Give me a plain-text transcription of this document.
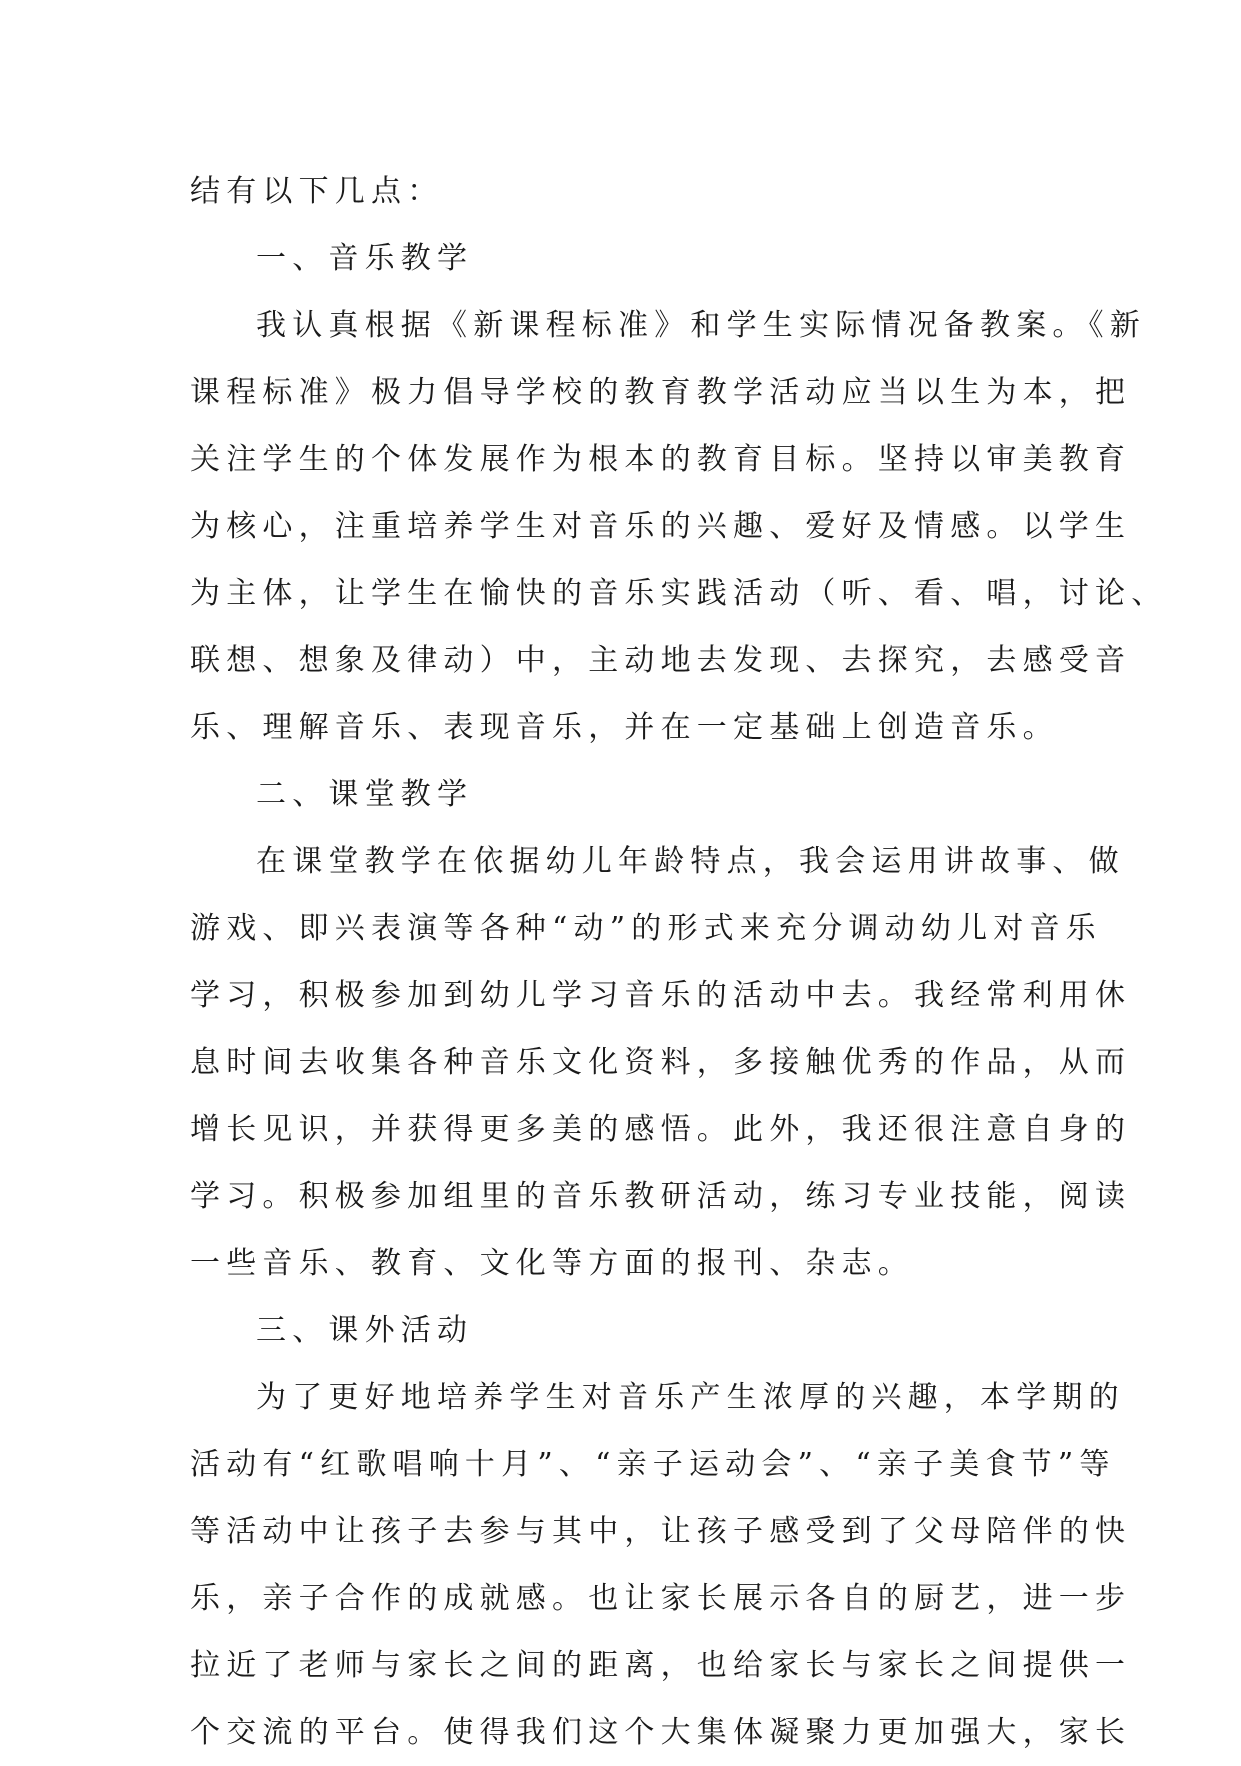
结有以下几点：
一、音乐教学
我认真根据《新课程标准》和学生实际情况备教案。《新
课程标准》极力倡导学校的教育教学活动应当以生为本，把
关注学生的个体发展作为根本的教育目标。坚持以审美教育
为核心，注重培养学生对音乐的兴趣、爱好及情感。以学生
为主体，让学生在愉快的音乐实践活动（听、看、唱，讨论、
联想、想象及律动）中，主动地去发现、去探究，去感受音
乐、理解音乐、表现音乐，并在一定基础上创造音乐。
二、课堂教学
在课堂教学在依据幼儿年龄特点，我会运用讲故事、做
游戏、即兴表演等各种“动”的形式来充分调动幼儿对音乐
学习，积极参加到幼儿学习音乐的活动中去。我经常利用休
息时间去收集各种音乐文化资料，多接触优秀的作品，从而
增长见识，并获得更多美的感悟。此外，我还很注意自身的
学习。积极参加组里的音乐教研活动，练习专业技能，阅读
一些音乐、教育、文化等方面的报刊、杂志。
三、课外活动
为了更好地培养学生对音乐产生浓厚的兴趣，本学期的
活动有“红歌唱响十月”、“亲子运动会”、“亲子美食节”等
等活动中让孩子去参与其中，让孩子感受到了父母陪伴的快
乐，亲子合作的成就感。也让家长展示各自的厨艺，进一步
拉近了老师与家长之间的距离，也给家长与家长之间提供一
个交流的平台。使得我们这个大集体凝聚力更加强大，家长
